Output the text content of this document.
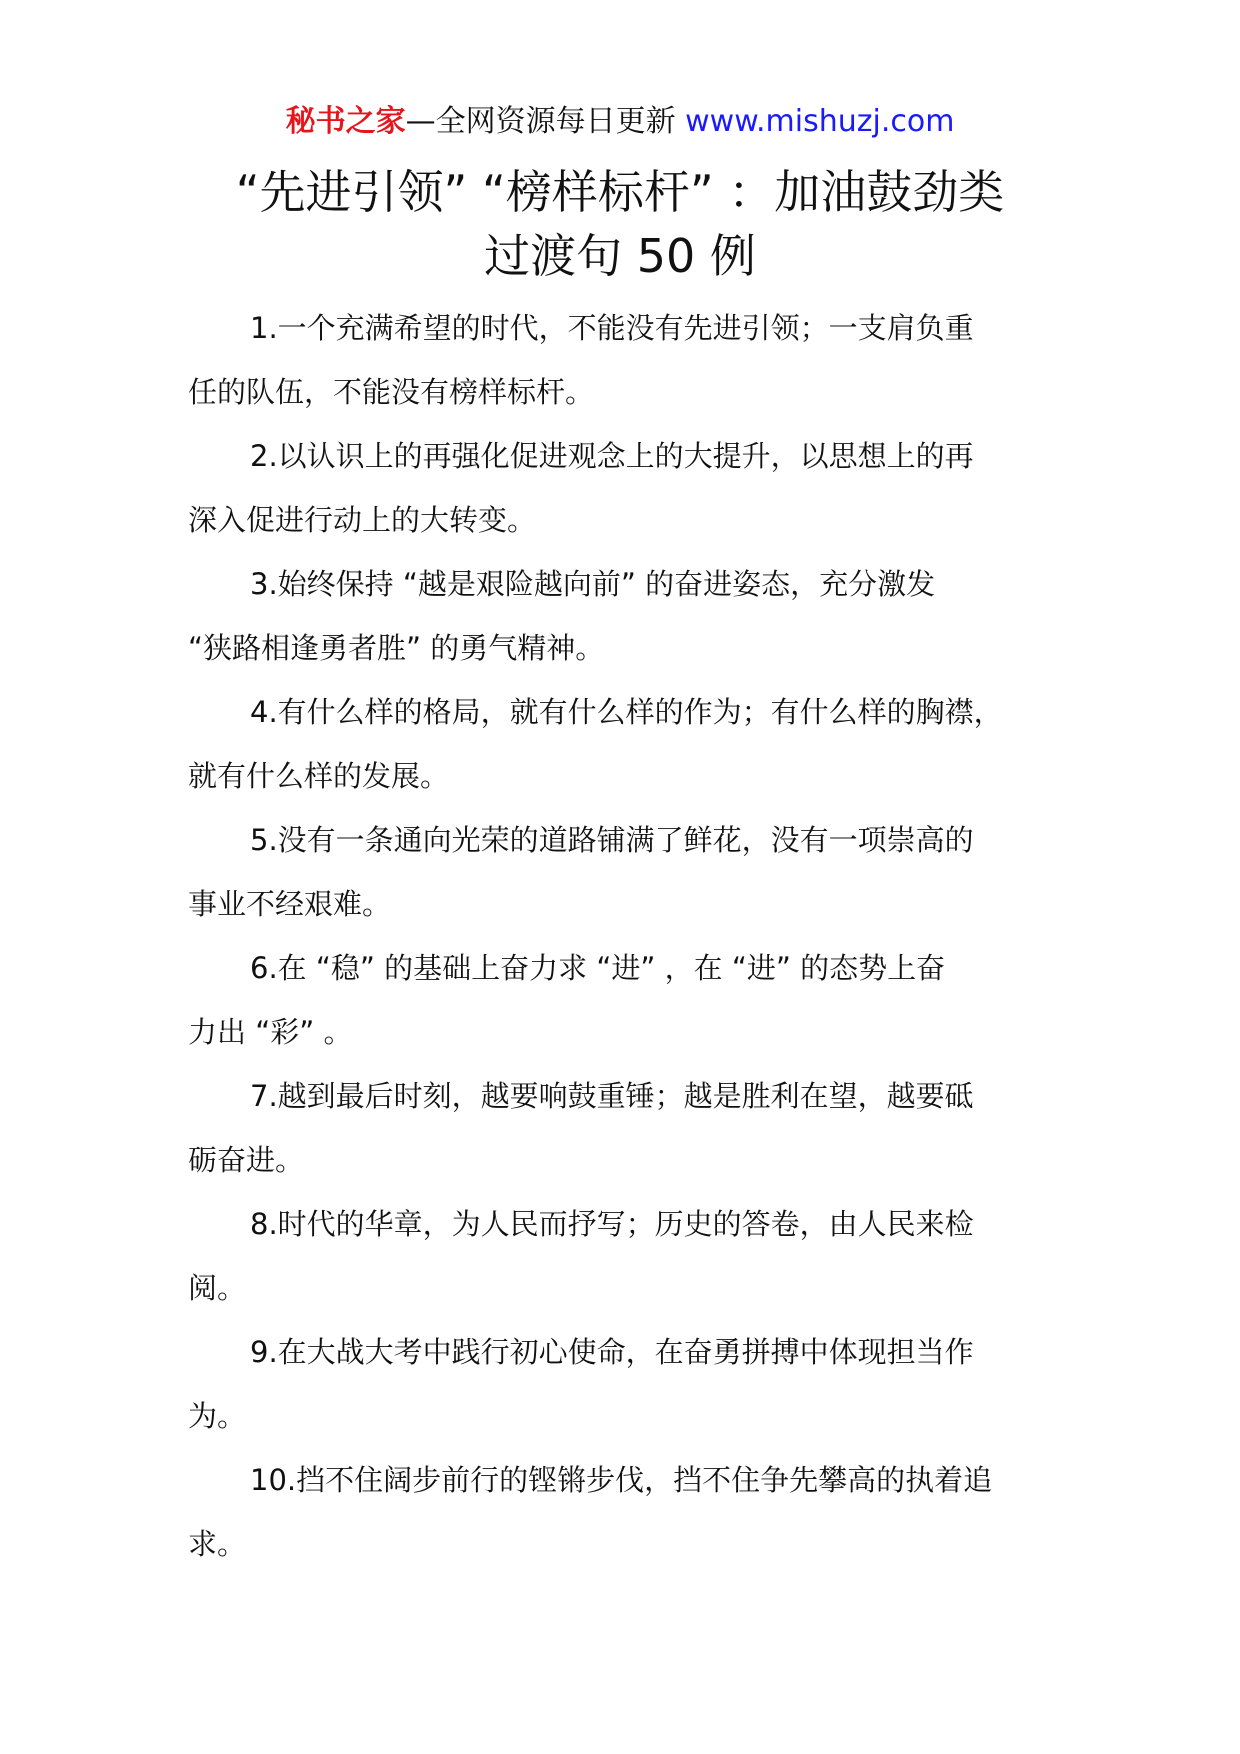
秘书之家—全网资源每日更新 www.mishuzj.com
“先进引领” “榜样标杆” ：加油鼓劲类
过渡句 50 例

1.一个充满希望的时代，不能没有先进引领；一支肩负重
任的队伍，不能没有榜样标杆。

2.以认识上的再强化促进观念上的大提升，以思想上的再
深入促进行动上的大转变。

3.始终保持 “越是艰险越向前” 的奋进姿态，充分激发
“狭路相逢勇者胜” 的勇气精神。

4.有什么样的格局，就有什么样的作为；有什么样的胸襟，
就有什么样的发展。

5.没有一条通向光荣的道路铺满了鲜花，没有一项崇高的
事业不经艰难。

6.在 “稳” 的基础上奋力求 “进” ，在 “进” 的态势上奋
力出 “彩” 。

7.越到最后时刻，越要响鼓重锤；越是胜利在望，越要砥
砺奋进。

8.时代的华章，为人民而抒写；历史的答卷，由人民来检
阅。

9.在大战大考中践行初心使命，在奋勇拼搏中体现担当作
为。

10.挡不住阔步前行的铿锵步伐，挡不住争先攀高的执着追
求。
